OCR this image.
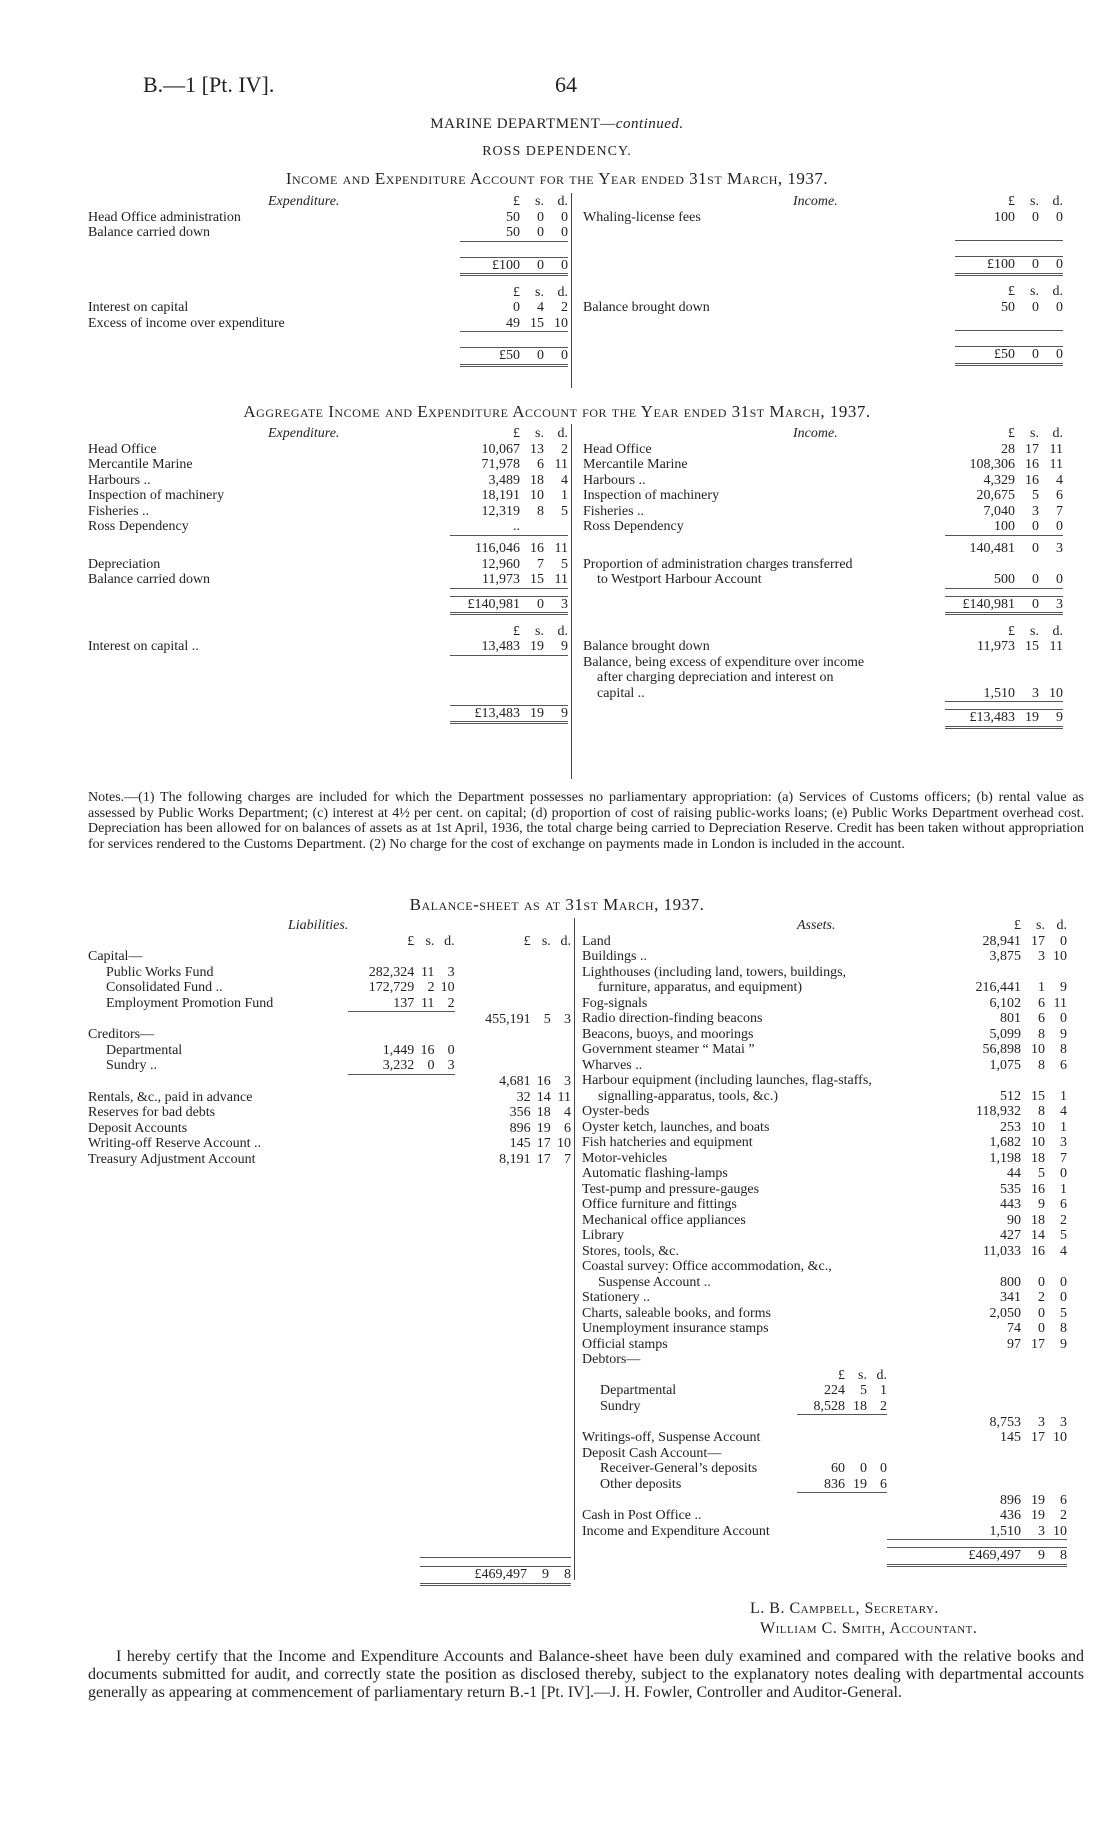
B.—1 [Pt. IV].	64
MARINE DEPARTMENT—continued.
ROSS DEPENDENCY.
Income and Expenditure Account for the Year ended 31st March, 1937.
Expenditure.	£	s.	d.
Head Office administration	50	0	0
Balance carried down	50	0	0

	£100	0	0

	£	s.	d.
Interest on capital	0	4	2
Excess of income over expenditure	49	15	10

	£50	0	0
Income.	£	s.	d.
Whaling-license fees	100	0	0

	£100	0	0

	£	s.	d.
Balance brought down	50	0	0

	£50	0	0
Aggregate Income and Expenditure Account for the Year ended 31st March, 1937.
Expenditure.	£	s.	d.
Head Office	10,067	13	2
Mercantile Marine	71,978	6	11
Harbours ..	3,489	18	4
Inspection of machinery	18,191	10	1
Fisheries ..	12,319	8	5
Ross Dependency	..		

	116,046	16	11
Depreciation	12,960	7	5
Balance carried down	11,973	15	11

	£140,981	0	3

	£	s.	d.
Interest on capital ..	13,483	19	9

	£13,483	19	9
Income.	£	s.	d.
Head Office	28	17	11
Mercantile Marine	108,306	16	11
Harbours ..	4,329	16	4
Inspection of machinery	20,675	5	6
Fisheries ..	7,040	3	7
Ross Dependency	100	0	0

	140,481	0	3
Proportion of administration charges transferred			
to Westport Harbour Account	500	0	0

	£140,981	0	3

	£	s.	d.
Balance brought down	11,973	15	11
Balance, being excess of expenditure over income			
after charging depreciation and interest on			
capital ..	1,510	3	10

	£13,483	19	9
Notes.—(1) The following charges are included for which the Department possesses no parliamentary appropriation: (a) Services of Customs officers; (b) rental value as assessed by Public Works Department; (c) interest at 4½ per cent. on capital; (d) proportion of cost of raising public-works loans; (e) Public Works Department overhead cost. Depreciation has been allowed for on balances of assets as at 1st April, 1936, the total charge being carried to Depreciation Reserve. Credit has been taken without appropriation for services rendered to the Customs Department. (2) No charge for the cost of exchange on payments made in London is included in the account.
Balance-sheet as at 31st March, 1937.
Liabilities.						
	£	s.	d.	£	s.	d.
Capital—						
Public Works Fund	282,324	11	3			
Consolidated Fund ..	172,729	2	10			
Employment Promotion Fund	137	11	2			
				455,191	5	3
Creditors—						
Departmental	1,449	16	0			
Sundry ..	3,232	0	3			
				4,681	16	3
Rentals, &c., paid in advance				32	14	11
Reserves for bad debts				356	18	4
Deposit Accounts				896	19	6
Writing-off Reserve Account ..				145	17	10
Treasury Adjustment Account				8,191	17	7

	£469,497	9	8
Assets.				£	s.	d.
Land				28,941	17	0
Buildings ..				3,875	3	10
Lighthouses (including land, towers, buildings,						
furniture, apparatus, and equipment)				216,441	1	9
Fog-signals				6,102	6	11
Radio direction-finding beacons				801	6	0
Beacons, buoys, and moorings				5,099	8	9
Government steamer “ Matai ”				56,898	10	8
Wharves ..				1,075	8	6
Harbour equipment (including launches, flag-staffs,						
signalling-apparatus, tools, &c.)				512	15	1
Oyster-beds				118,932	8	4
Oyster ketch, launches, and boats				253	10	1
Fish hatcheries and equipment				1,682	10	3
Motor-vehicles				1,198	18	7
Automatic flashing-lamps				44	5	0
Test-pump and pressure-gauges				535	16	1
Office furniture and fittings				443	9	6
Mechanical office appliances				90	18	2
Library				427	14	5
Stores, tools, &c.				11,033	16	4
Coastal survey: Office accommodation, &c.,						
Suspense Account ..				800	0	0
Stationery ..				341	2	0
Charts, saleable books, and forms				2,050	0	5
Unemployment insurance stamps				74	0	8
Official stamps				97	17	9
Debtors—						
	£	s.	d.			
Departmental	224	5	1			
Sundry	8,528	18	2			
				8,753	3	3
Writings-off, Suspense Account				145	17	10
Deposit Cash Account—						
Receiver-General’s deposits	60	0	0			
Other deposits	836	19	6			
				896	19	6
Cash in Post Office ..				436	19	2
Income and Expenditure Account				1,510	3	10

				£469,497	9	8
L. B. Campbell, Secretary.
William C. Smith, Accountant.
I hereby certify that the Income and Expenditure Accounts and Balance-sheet have been duly examined and compared with the relative books and documents submitted for audit, and correctly state the position as disclosed thereby, subject to the explanatory notes dealing with departmental accounts generally as appearing at commencement of parliamentary return B.-1 [Pt. IV].—J. H. Fowler, Controller and Auditor-General.
